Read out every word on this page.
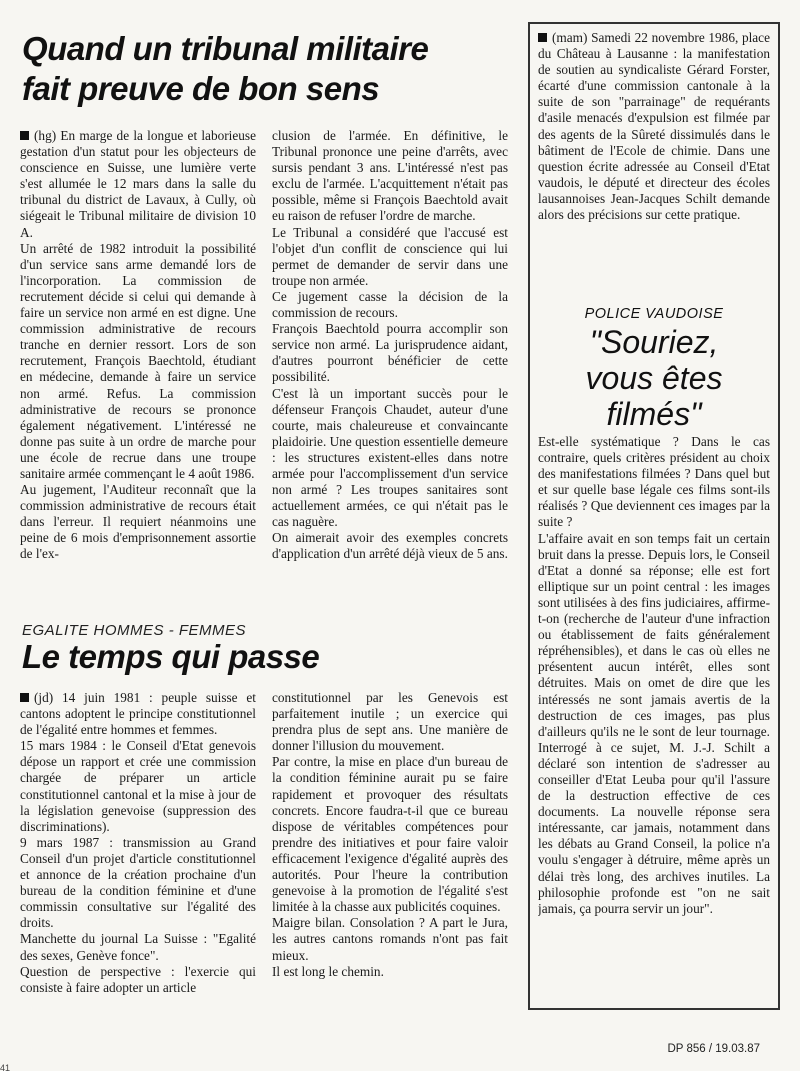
Quand un tribunal militaire
fait preuve de bon sens

(hg) En marge de la longue et laborieuse gestation d'un statut pour les objecteurs de conscience en Suisse, une lumière verte s'est allumée le 12 mars dans la salle du tribunal du district de Lavaux, à Cully, où siégeait le Tribunal militaire de division 10 A.

Un arrêté de 1982 introduit la possibilité d'un service sans arme demandé lors de l'incorporation. La commission de recrutement décide si celui qui demande à faire un service non armé en est digne. Une commission administrative de recours tranche en dernier ressort. Lors de son recrutement, François Baechtold, étudiant en médecine, demande à faire un service non armé. Refus. La commission administrative de recours se prononce également négativement. L'intéressé ne donne pas suite à un ordre de marche pour une école de recrue dans une troupe sanitaire armée commençant le 4 août 1986.

Au jugement, l'Auditeur reconnaît que la commission administrative de recours était dans l'erreur. Il requiert néanmoins une peine de 6 mois d'emprisonnement assortie de l'ex-

clusion de l'armée. En définitive, le Tribunal prononce une peine d'arrêts, avec sursis pendant 3 ans. L'intéressé n'est pas exclu de l'armée. L'acquittement n'était pas possible, même si François Baechtold avait eu raison de refuser l'ordre de marche.

Le Tribunal a considéré que l'accusé est l'objet d'un conflit de conscience qui lui permet de demander de servir dans une troupe non armée.

Ce jugement casse la décision de la commission de recours.

François Baechtold pourra accomplir son service non armé. La jurisprudence aidant, d'autres pourront bénéficier de cette possibilité.

C'est là un important succès pour le défenseur François Chaudet, auteur d'une courte, mais chaleureuse et convaincante plaidoirie. Une question essentielle demeure : les structures existent-elles dans notre armée pour l'accomplissement d'un service non armé ? Les troupes sanitaires sont actuellement armées, ce qui n'était pas le cas naguère.

On aimerait avoir des exemples concrets d'application d'un arrêté déjà vieux de 5 ans.

EGALITE HOMMES - FEMMES
Le temps qui passe

(jd) 14 juin 1981 : peuple suisse et cantons adoptent le principe constitutionnel de l'égalité entre hommes et femmes.

15 mars 1984 : le Conseil d'Etat genevois dépose un rapport et crée une commission chargée de préparer un article constitutionnel cantonal et la mise à jour de la législation genevoise (suppression des discriminations).

9 mars 1987 : transmission au Grand Conseil d'un projet d'article constitutionnel et annonce de la création prochaine d'un bureau de la condition féminine et d'une commissin consultative sur l'égalité des droits.

Manchette du journal La Suisse : "Egalité des sexes, Genève fonce".

Question de perspective : l'exercie qui consiste à faire adopter un article

constitutionnel par les Genevois est parfaitement inutile ; un exercice qui prendra plus de sept ans. Une manière de donner l'illusion du mouvement.

Par contre, la mise en place d'un bureau de la condition féminine aurait pu se faire rapidement et provoquer des résultats concrets. Encore faudra-t-il que ce bureau dispose de véritables compétences pour prendre des initiatives et pour faire valoir efficacement l'exigence d'égalité auprès des autorités. Pour l'heure la contribution genevoise à la promotion de l'égalité s'est limitée à la chasse aux publicités coquines.

Maigre bilan. Consolation ? A part le Jura, les autres cantons romands n'ont pas fait mieux.

Il est long le chemin.

(mam) Samedi 22 novembre 1986, place du Château à Lausanne : la manifestation de soutien au syndicaliste Gérard Forster, écarté d'une commission cantonale à la suite de son "parrainage" de requérants d'asile menacés d'expulsion est filmée par des agents de la Sûreté dissimulés dans le bâtiment de l'Ecole de chimie. Dans une question écrite adressée au Conseil d'Etat vaudois, le député et directeur des écoles lausannoises Jean-Jacques Schilt demande alors des précisions sur cette pratique.

POLICE VAUDOISE
"Souriez,
vous êtes
filmés"

Est-elle systématique ? Dans le cas contraire, quels critères président au choix des manifestations filmées ? Dans quel but et sur quelle base légale ces films sont-ils réalisés ? Que deviennent ces images par la suite ?

L'affaire avait en son temps fait un certain bruit dans la presse. Depuis lors, le Conseil d'Etat a donné sa réponse; elle est fort elliptique sur un point central : les images sont utilisées à des fins judiciaires, affirme-t-on (recherche de l'auteur d'une infraction ou établissement de faits généralement répréhensibles), et dans le cas où elles ne présentent aucun intérêt, elles sont détruites. Mais on omet de dire que les intéressés ne sont jamais avertis de la destruction de ces images, pas plus d'ailleurs qu'ils ne le sont de leur tournage. Interrogé à ce sujet, M. J.-J. Schilt a déclaré son intention de s'adresser au conseiller d'Etat Leuba pour qu'il l'assure de la destruction effective de ces documents. La nouvelle réponse sera intéressante, car jamais, notamment dans les débats au Grand Conseil, la police n'a voulu s'engager à détruire, même après un délai très long, des archives inutiles. La philosophie profonde est "on ne sait jamais, ça pourra servir un jour".

DP 856 / 19.03.87
41
